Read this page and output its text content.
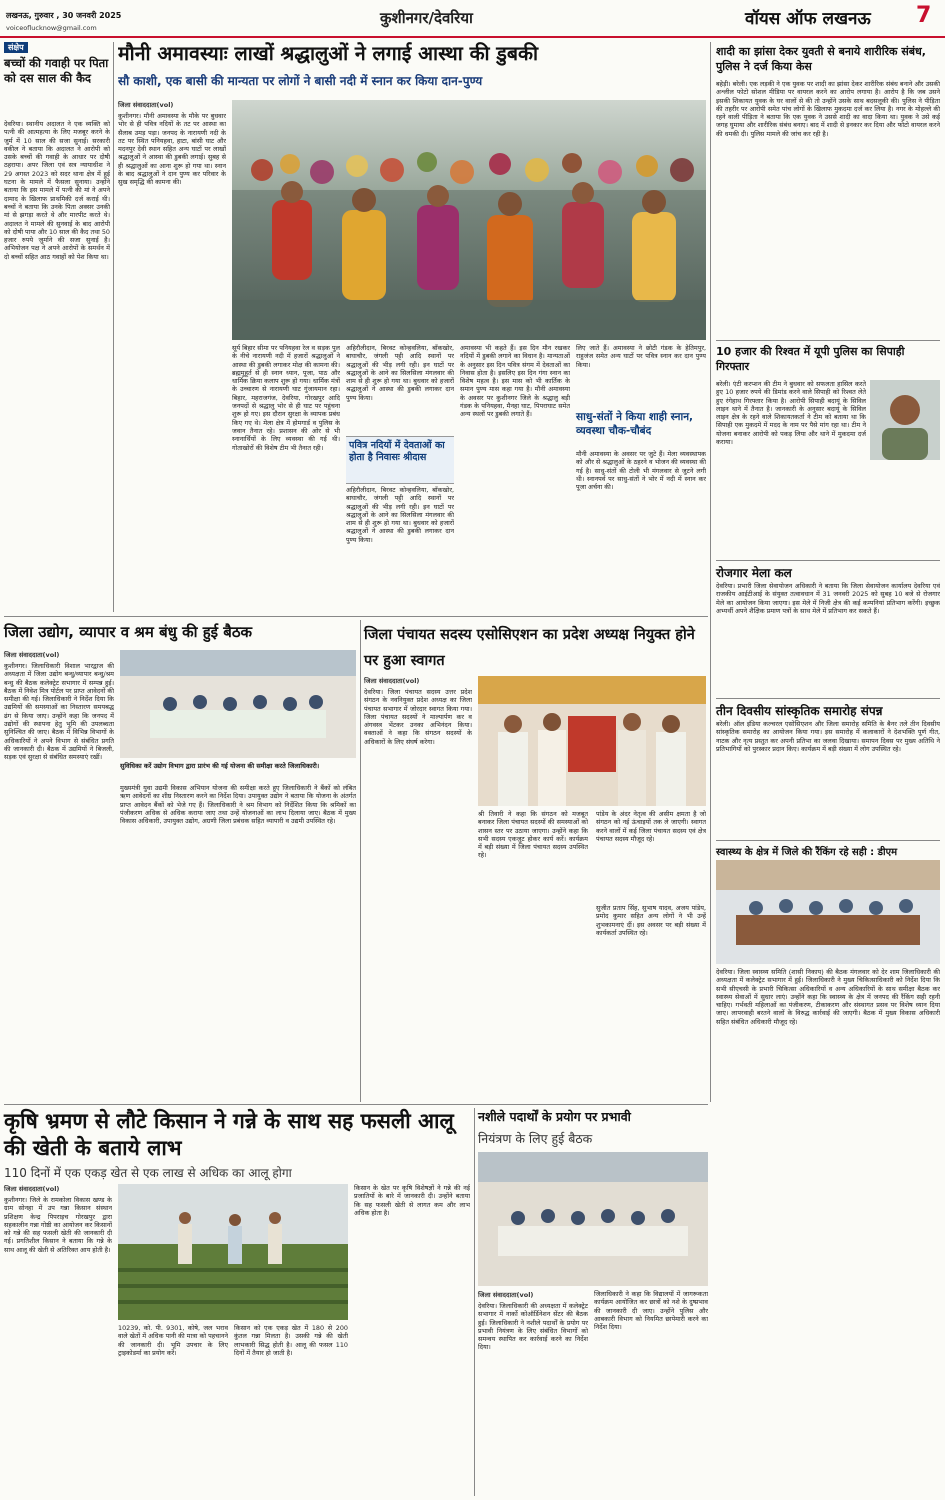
लखनऊ, गुरुवार , 30 जनवरी 2025
voiceoflucknow@gmail.com
कुशीनगर/देवरिया	वॉयस ऑफ लखनऊ 7
संक्षेप
बच्चों की गवाही पर पिता को दस साल की कैद
देवरिया। स्थानीय अदालत ने एक व्यक्ति को पत्नी की आत्महत्या के लिए मजबूर करने के जुर्म में 10 साल की सजा सुनाई। सरकारी वकील ने बताया कि अदालत ने आरोपी को उसके बच्चों की गवाही के आधार पर दोषी ठहराया। अपर जिला एवं सत्र न्यायाधीश ने 29 अगस्त 2023 को सदर थाना क्षेत्र में हुई घटना के मामले में फैसला सुनाया। उन्होंने बताया कि इस मामले में पत्नी की मां ने अपने दामाद के खिलाफ प्राथमिकी दर्ज कराई थी। बच्चों ने बताया कि उनके पिता अक्सर उनकी मां से झगड़ा करते थे और मारपीट करते थे। अदालत ने मामले की सुनवाई के बाद आरोपी को दोषी पाया और 10 साल की कैद तथा 50 हजार रुपये जुर्माने की सजा सुनाई है। अभियोजन पक्ष ने अपने आरोपों के समर्थन में दो बच्चों सहित आठ गवाहों को पेश किया था।
मौनी अमावस्याः लाखों श्रद्धालुओं ने लगाई आस्था की डुबकी
सौ काशी, एक बासी की मान्यता पर लोगों ने बासी नदी में स्नान कर किया दान-पुण्य
जिला संवाददाता(vol)
कुशीनगर। मौनी अमावस्या के मौके पर बुधवार भोर से ही पवित्र नदियों के तट पर आस्था का सैलाब उमड़ पड़ा। जनपद के नारायणी नदी के तट पर स्थित पनियहवा, हाटा, बांसी घाट और मदनपुर देवी स्थान सहित अन्य घाटों पर लाखों श्रद्धालुओं ने आस्था की डुबकी लगाई। सुबह से ही श्रद्धालुओं का आना शुरू हो गया था। स्नान के बाद श्रद्धालुओं ने दान पुण्य कर परिवार के सुख समृद्धि की कामना की।
सूर्य बिहार सीमा पर पनियहवा रेल व सड़क पुल के नीचे नारायणी नदी में हजारों श्रद्धालुओं ने आस्था की डुबकी लगाकर मोक्ष की कामना की। ब्रह्ममुहूर्त से ही स्नान ध्यान, पूजा, पाठ और धार्मिक क्रिया कलाप शुरू हो गया। धार्मिक मंत्रों के उच्चारण से नारायणी घाट गुंजायमान रहा। बिहार, महराजगंज, देवरिया, गोरखपुर आदि जनपदों से श्रद्धालु भोर से ही घाट पर पहुंचना शुरू हो गए। इस दौरान सुरक्षा के व्यापक प्रबंध किए गए थे। मेला क्षेत्र में होमगार्ड व पुलिस के जवान तैनात रहे। प्रशासन की ओर से भी स्नानार्थियों के लिए व्यवस्था की गई थी। गोताखोरों की विशेष टीम भी तैनात रही।
अहिरौलीदान, बिरवट कोन्हवलिया, बाँकखोर, बाघाचौर, जंगली पट्टी आदि स्थानों पर श्रद्धालुओं की भीड़ लगी रही। इन घाटों पर श्रद्धालुओं के आने का सिलसिला मंगलवार की शाम से ही शुरू हो गया था। बुधवार को हजारों श्रद्धालुओं ने आस्था की डुबकी लगाकर दान पुण्य किया।
पवित्र नदियों में देवताओं का होता है निवासः श्रीदास
अहिरौलीदान, बिरवट कोन्हवलिया, बाँकखोर, बाघाचौर, जंगली पट्टी आदि स्थानों पर श्रद्धालुओं की भीड़ लगी रही। इन घाटों पर श्रद्धालुओं के आने का सिलसिला मंगलवार की शाम से ही शुरू हो गया था। बुधवार को हजारों श्रद्धालुओं ने आस्था की डुबकी लगाकर दान पुण्य किया।
अमावस्या भी कहते हैं। इस दिन मौन रखकर नदियों में डुबकी लगाने का विधान है। मान्यताओं के अनुसार इस दिन पवित्र संगम में देवताओं का निवास होता है। इसलिए इस दिन गंगा स्नान का विशेष महत्व है। इस मास को भी कार्तिक के समान पुण्य मास कहा गया है। मौनी अमावस्या के अवसर पर कुशीनगर जिले के श्रद्धालु बड़ी गंडक के पनियहवा, मैनहा घाट, पिपराघाट समेत अन्य स्थलों पर डुबकी लगाते हैं।
लिए जाते हैं। अमावस्या ने छोटी गंडक के हेतिमपुर, राहुजंज समेत अन्य घाटों पर पवित्र स्नान कर दान पुण्य किया।
साधु-संतों ने किया शाही स्नान, व्यवस्था चौक-चौबंद
मौनी अमावस्या के अवसर पर जुटे हैं। मेला व्यवस्थापक को और से श्रद्धालुओं के ठहरने व भोजन की व्यवस्था की गई है। साधु-संतों की टोली भी मंगलवार से जुटने लगी थी। स्नानपर्व पर साधु-संतों ने भोर में नदी में स्नान कर पूजा अर्चना की।
शादी का झांसा देकर युवती से बनाये शारीरिक संबंध, पुलिस ने दर्ज किया केस
बहेड़ी। बरेली। एक लड़की ने एक युवक पर शादी का झांसा देकर शारीरिक संबंध बनाने और उसकी अश्लील फोटो सोशल मीडिया पर वायरल करने का आरोप लगाया है। आरोप है कि जब उसने इसकी शिकायत युवक के घर वालों से की तो उन्होंने उसके साथ बदसलूकी की। पुलिस ने पीड़िता की तहरीर पर आरोपी समेत पांच लोगों के खिलाफ मुकदमा दर्ज कर लिया है। नगर के मोहल्ले की रहने वाली पीड़िता ने बताया कि एक युवक ने उससे शादी का वादा किया था। युवक ने उसे कई जगह घुमाया और शारीरिक संबंध बनाए। बाद में शादी से इनकार कर दिया और फोटो वायरल करने की धमकी दी। पुलिस मामले की जांच कर रही है।
10 हजार की रिश्वत में यूपी पुलिस का सिपाही गिरफ्तार
बरेली। एंटी करप्शन की टीम ने बुधवार को सफलता हासिल करते हुए 10 हजार रुपये की डिमांड करने वाले सिपाही को रिश्वत लेते हुए रंगेहाथ गिरफ्तार किया है। आरोपी सिपाही बदायूं के सिविल लाइन थाने में तैनात है। जानकारी के अनुसार बदायूं के सिविल लाइन क्षेत्र के रहने वाले शिकायतकर्ता ने टीम को बताया था कि सिपाही एक मुकदमे में मदद के नाम पर पैसे मांग रहा था। टीम ने योजना बनाकर आरोपी को पकड़ लिया और थाने में मुकदमा दर्ज कराया।
रोजगार मेला कल
देवरिया। प्रभारी जिला सेवायोजन अधिकारी ने बताया कि जिला सेवायोजन कार्यालय देवरिया एवं राजकीय आईटीआई के संयुक्त तत्वावधान में 31 जनवरी 2025 को सुबह 10 बजे से रोजगार मेले का आयोजन किया जाएगा। इस मेले में निजी क्षेत्र की कई कम्पनियां प्रतिभाग करेंगी। इच्छुक अभ्यर्थी अपने शैक्षिक प्रमाण पत्रों के साथ मेले में प्रतिभाग कर सकते हैं।
तीन दिवसीय सांस्कृतिक समारोह संपन्न
बरेली। ऑल इंडिया कल्चरल एसोसिएशन और जिला समारोह समिति के बैनर तले तीन दिवसीय सांस्कृतिक समारोह का आयोजन किया गया। इस समारोह में कलाकारों ने देशभक्ति पूर्ण गीत, नाटक और नृत्य प्रस्तुत कर अपनी प्रतिभा का जलवा दिखाया। समापन दिवस पर मुख्य अतिथि ने प्रतिभागियों को पुरस्कार प्रदान किए। कार्यक्रम में बड़ी संख्या में लोग उपस्थित रहे।
स्वास्थ्य के क्षेत्र में जिले की रैंकिंग रहे सही : डीएम
देवरिया। जिला स्वास्थ्य समिति (शासी निकाय) की बैठक मंगलवार को देर शाम जिलाधिकारी की अध्यक्षता में कलेक्ट्रेट सभागार में हुई। जिलाधिकारी ने मुख्य चिकित्साधिकारी को निर्देश दिया कि सभी सीएचसी के प्रभारी चिकित्सा अधिकारियों व अन्य अधिकारियों के साथ समीक्षा बैठक कर स्वास्थ्य सेवाओं में सुधार लाएं। उन्होंने कहा कि स्वास्थ्य के क्षेत्र में जनपद की रैंकिंग सही रहनी चाहिए। गर्भवती महिलाओं का पंजीकरण, टीकाकरण और संस्थागत प्रसव पर विशेष ध्यान दिया जाए। लापरवाही बरतने वालों के विरुद्ध कार्रवाई की जाएगी। बैठक में मुख्य विकास अधिकारी सहित संबंधित अधिकारी मौजूद रहे।
जिला उद्योग, व्यापार व श्रम बंधु की हुई बैठक
जिला संवाददाता(vol)
कुशीनगर। जिलाधिकारी विशाल भारद्वाज की अध्यक्षता में जिला उद्योग बन्धु/व्यापार बन्धु/श्रम बन्धु की बैठक कलेक्ट्रेट सभागार में सम्पन्न हुई। बैठक में निवेश मित्र पोर्टल पर प्राप्त आवेदनों की समीक्षा की गई। जिलाधिकारी ने निर्देश दिया कि उद्यमियों की समस्याओं का निस्तारण समयबद्ध ढंग से किया जाए। उन्होंने कहा कि जनपद में उद्योगों की स्थापना हेतु भूमि की उपलब्धता सुनिश्चित की जाए। बैठक में विभिन्न विभागों के अधिकारियों ने अपने विभाग से संबंधित प्रगति की जानकारी दी। बैठक में उद्यमियों ने बिजली, सड़क एवं सुरक्षा से संबंधित समस्याएं रखीं।
सुविधिका करें उद्योग विभाग द्वारा प्रारंभ की गई योजना की समीक्षा करते जिलाधिकारी।
मुख्यमंत्री युवा उद्यमी विकास अभियान योजना की समीक्षा करते हुए जिलाधिकारी ने बैंकों को लंबित ऋण आवेदनों का शीघ्र निस्तारण करने का निर्देश दिया। उपायुक्त उद्योग ने बताया कि योजना के अंतर्गत प्राप्त आवेदन बैंकों को भेजे गए हैं। जिलाधिकारी ने श्रम विभाग को निर्देशित किया कि श्रमिकों का पंजीकरण अधिक से अधिक कराया जाए तथा उन्हें योजनाओं का लाभ दिलाया जाए। बैठक में मुख्य विकास अधिकारी, उपायुक्त उद्योग, अग्रणी जिला प्रबंधक सहित व्यापारी व उद्यमी उपस्थित रहे।
जिला पंचायत सदस्य एसोसिएशन का प्रदेश अध्यक्ष नियुक्त होने पर हुआ स्वागत
जिला संवाददाता(vol)
देवरिया। जिला पंचायत सदस्य उत्तर प्रदेश संगठन के नवनियुक्त प्रदेश अध्यक्ष का जिला पंचायत सभागार में जोरदार स्वागत किया गया। जिला पंचायत सदस्यों ने माल्यार्पण कर व अंगवस्त्र भेंटकर उनका अभिनंदन किया। वक्ताओं ने कहा कि संगठन सदस्यों के अधिकारों के लिए संघर्ष करेगा।
श्री तिवारी ने कहा कि संगठन को मजबूत बनाकर जिला पंचायत सदस्यों की समस्याओं को शासन स्तर पर उठाया जाएगा। उन्होंने कहा कि सभी सदस्य एकजुट होकर कार्य करें। कार्यक्रम में बड़ी संख्या में जिला पंचायत सदस्य उपस्थित रहे।
पांडेय के अंदर नेतृत्व की असीम क्षमता है जो संगठन को नई ऊंचाइयों तक ले जाएगी। स्वागत करने वालों में कई जिला पंचायत सदस्य एवं क्षेत्र पंचायत सदस्य मौजूद रहे।
सुजीत प्रताप सिंह, सुभाष यादव, अजय पांडेय, प्रमोद कुमार सहित अन्य लोगों ने भी उन्हें शुभकामनाएं दीं। इस अवसर पर बड़ी संख्या में कार्यकर्ता उपस्थित रहे।
कृषि भ्रमण से लौटे किसान ने गन्ने के साथ सह फसली आलू की खेती के बताये लाभ
110 दिनों में एक एकड़ खेत से एक लाख से अधिक का आलू होगा
जिला संवाददाता(vol)
कुशीनगर। जिले के रामकोला विकास खण्ड के ग्राम सोनहा में उप गन्ना किसान संस्थान प्रशिक्षण केन्द्र पिपराइच गोरखपुर द्वारा सहकालीन गन्ना गोष्ठी का आयोजन कर किसानों को गन्ने की सह फसली खेती की जानकारी दी गई। प्रगतिशील किसान ने बताया कि गन्ने के साथ आलू की खेती से अतिरिक्त आय होती है।
10239, को. पी. 9301, कोषे, जल भराव वाले खेतों में अधिक पानी की मात्रा को पहचानने की जानकारी दी। भूमि उपचार के लिए ट्राइकोडर्मा का प्रयोग करें।
किसान को एक एकड़ खेत में 180 से 200 कुंतल गन्ना मिलता है। उसकी गन्ने की खेती लाभकारी सिद्ध होती है। आलू की फसल 110 दिनों में तैयार हो जाती है।
किसान के खेत पर कृषि विशेषज्ञों ने गन्ने की नई प्रजातियों के बारे में जानकारी दी। उन्होंने बताया कि सह फसली खेती से लागत कम और लाभ अधिक होता है।
नशीले पदार्थों के प्रयोग पर प्रभावी
नियंत्रण के लिए हुई बैठक
जिला संवाददाता(vol)
देवरिया। जिलाधिकारी की अध्यक्षता में कलेक्ट्रेट सभागार में नार्को कोऑर्डिनेशन सेंटर की बैठक हुई। जिलाधिकारी ने नशीले पदार्थों के प्रयोग पर प्रभावी नियंत्रण के लिए संबंधित विभागों को समन्वय स्थापित कर कार्रवाई करने का निर्देश दिया।
जिलाधिकारी ने कहा कि विद्यालयों में जागरूकता कार्यक्रम आयोजित कर छात्रों को नशे के दुष्प्रभाव की जानकारी दी जाए। उन्होंने पुलिस और आबकारी विभाग को नियमित छापेमारी करने का निर्देश दिया।
